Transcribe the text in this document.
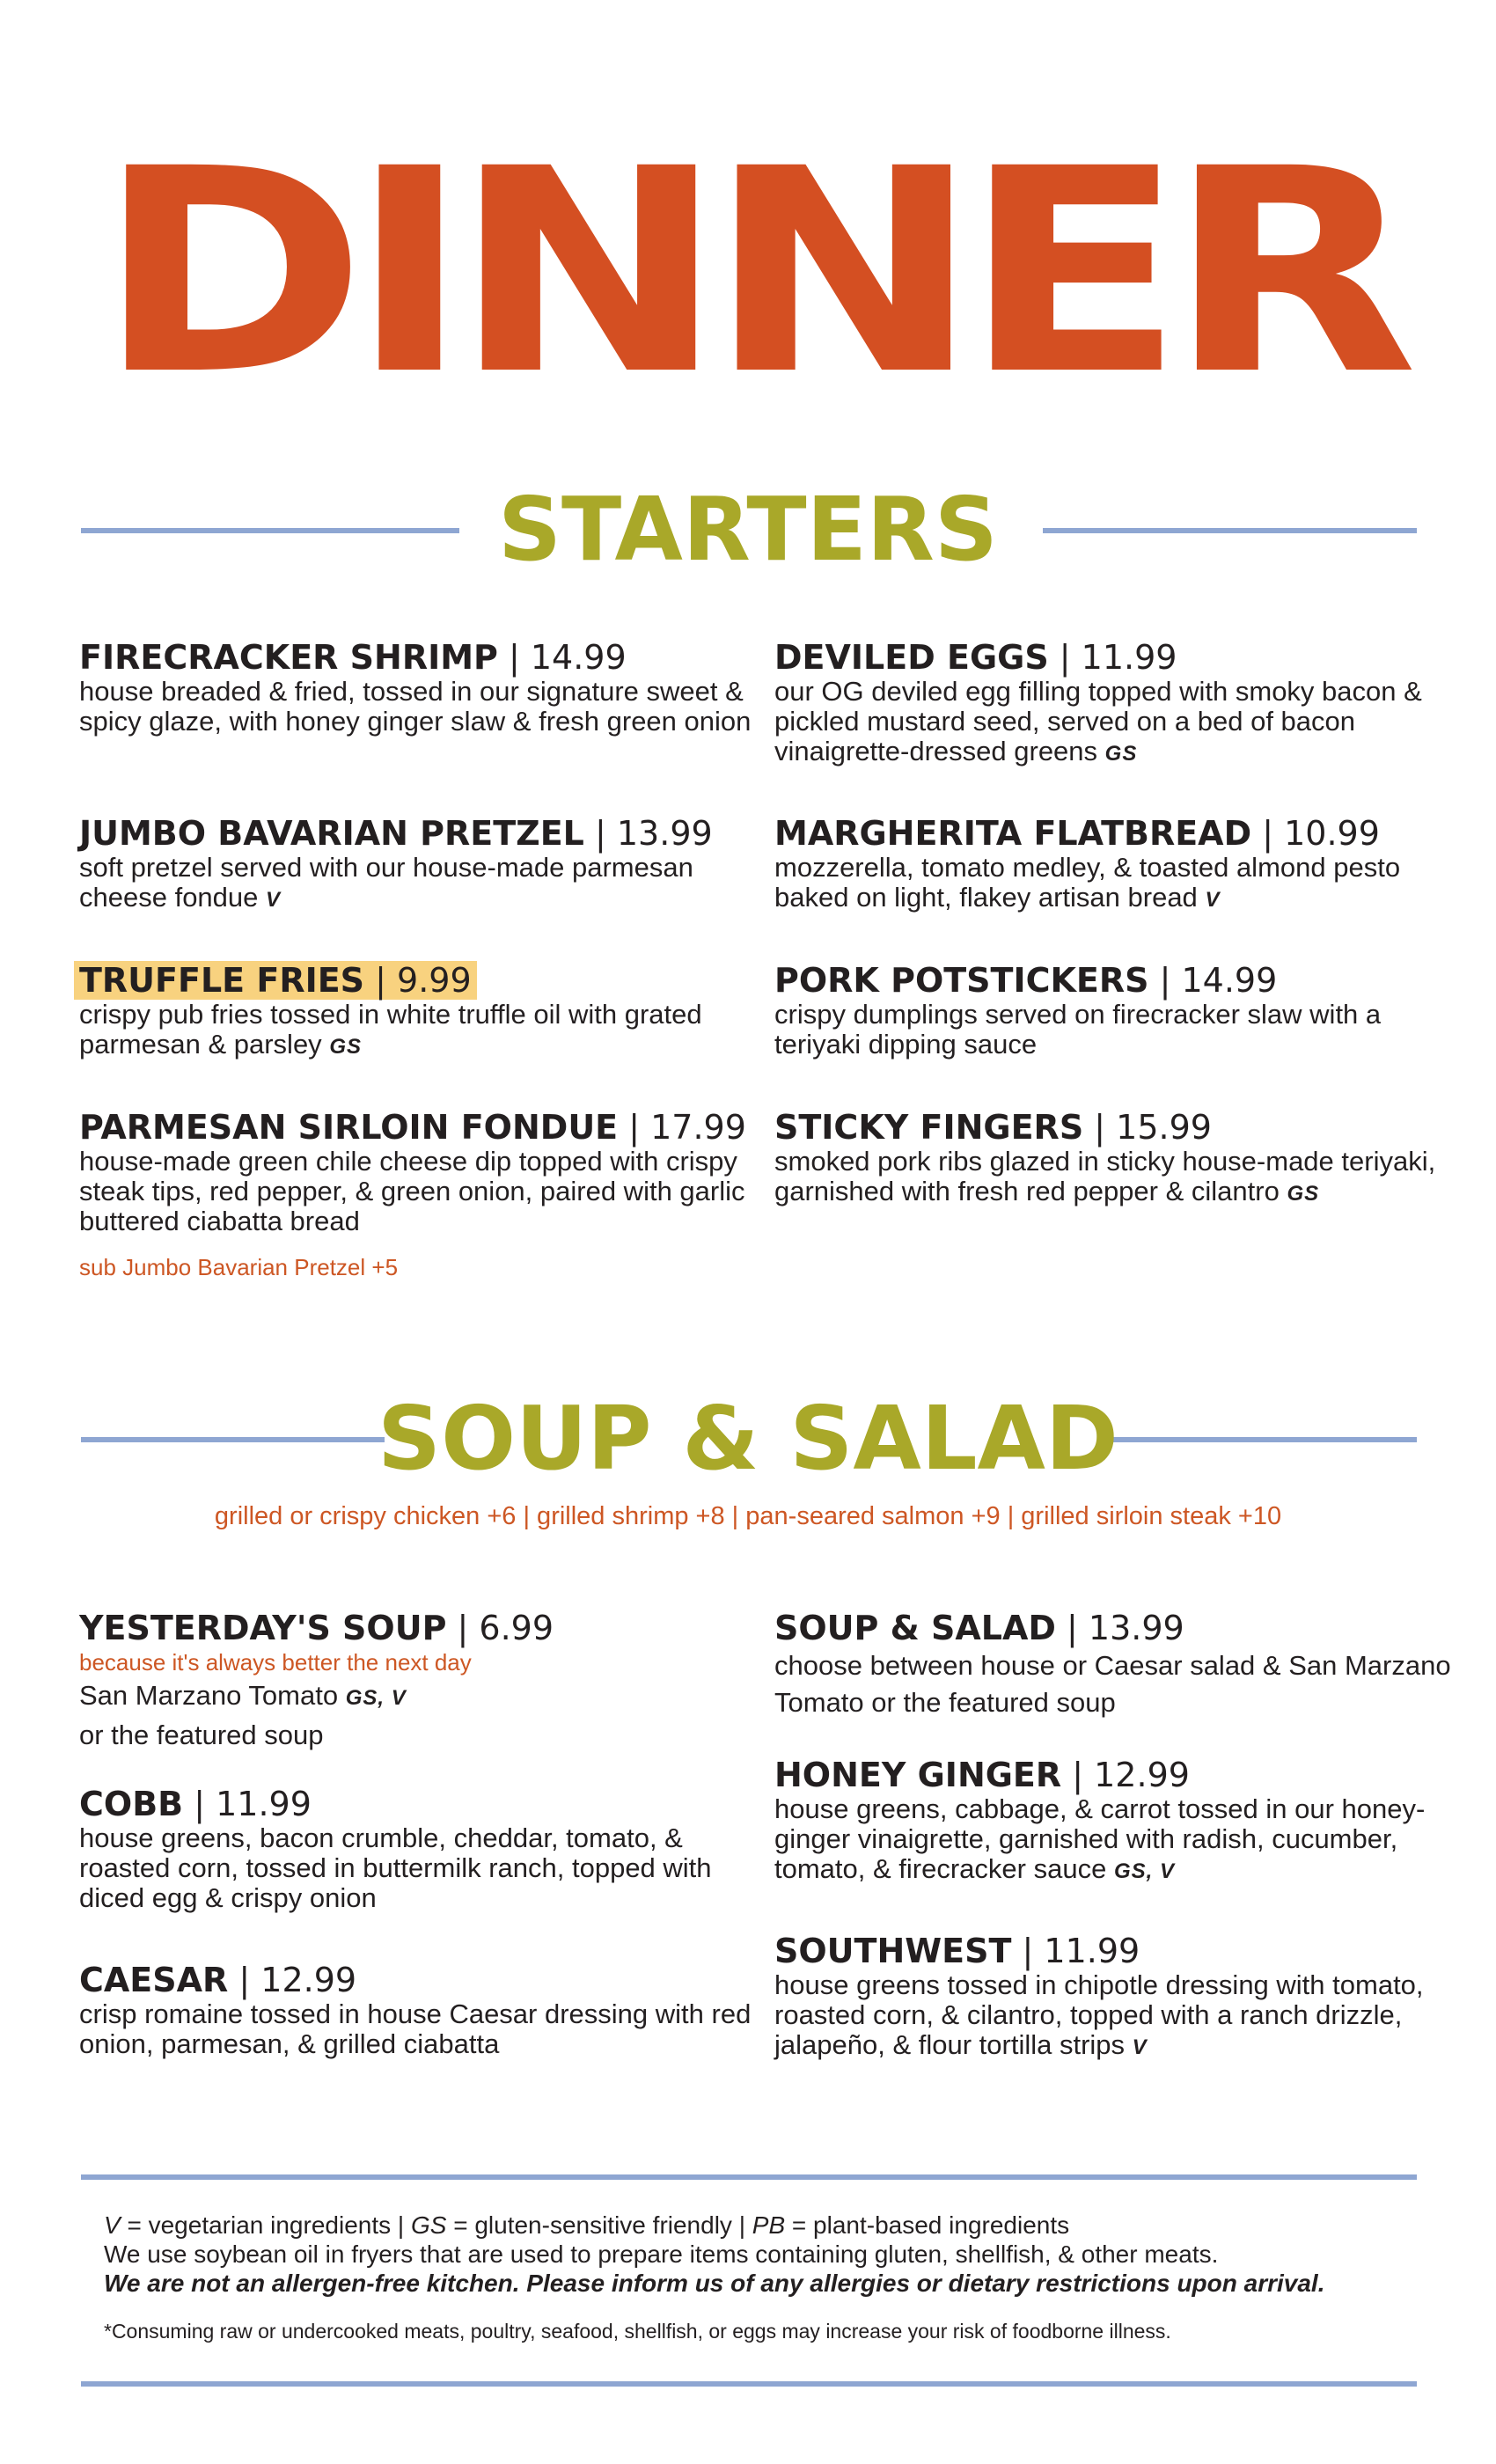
DINNER
STARTERS
FIRECRACKER SHRIMP | 14.99
house breaded & fried, tossed in our signature sweet & spicy glaze, with honey ginger slaw & fresh green onion
JUMBO BAVARIAN PRETZEL | 13.99
soft pretzel served with our house-made parmesan cheese fondue V
TRUFFLE FRIES | 9.99
crispy pub fries tossed in white truffle oil with grated parmesan & parsley GS
PARMESAN SIRLOIN FONDUE | 17.99
house-made green chile cheese dip topped with crispy steak tips, red pepper, & green onion, paired with garlic buttered ciabatta bread
sub Jumbo Bavarian Pretzel +5
DEVILED EGGS | 11.99
our OG deviled egg filling topped with smoky bacon & pickled mustard seed, served on a bed of bacon vinaigrette-dressed greens GS
MARGHERITA FLATBREAD | 10.99
mozzerella, tomato medley, & toasted almond pesto baked on light, flakey artisan bread V
PORK POTSTICKERS | 14.99
crispy dumplings served on firecracker slaw with a teriyaki dipping sauce
STICKY FINGERS | 15.99
smoked pork ribs glazed in sticky house-made teriyaki, garnished with fresh red pepper & cilantro GS
SOUP & SALAD
grilled or crispy chicken +6 | grilled shrimp +8 | pan-seared salmon +9 | grilled sirloin steak +10
YESTERDAY'S SOUP | 6.99
because it's always better the next day
San Marzano Tomato GS, V
or the featured soup
COBB | 11.99
house greens, bacon crumble, cheddar, tomato, & roasted corn, tossed in buttermilk ranch, topped with diced egg & crispy onion
CAESAR | 12.99
crisp romaine tossed in house Caesar dressing with red onion, parmesan, & grilled ciabatta
SOUP & SALAD | 13.99
choose between house or Caesar salad & San Marzano Tomato or the featured soup
HONEY GINGER | 12.99
house greens, cabbage, & carrot tossed in our honey-ginger vinaigrette, garnished with radish, cucumber, tomato, & firecracker sauce GS, V
SOUTHWEST | 11.99
house greens tossed in chipotle dressing with tomato, roasted corn, & cilantro, topped with a ranch drizzle, jalapeño, & flour tortilla strips V
V = vegetarian ingredients | GS = gluten-sensitive friendly | PB = plant-based ingredients
We use soybean oil in fryers that are used to prepare items containing gluten, shellfish, & other meats.
We are not an allergen-free kitchen. Please inform us of any allergies or dietary restrictions upon arrival.
*Consuming raw or undercooked meats, poultry, seafood, shellfish, or eggs may increase your risk of foodborne illness.
